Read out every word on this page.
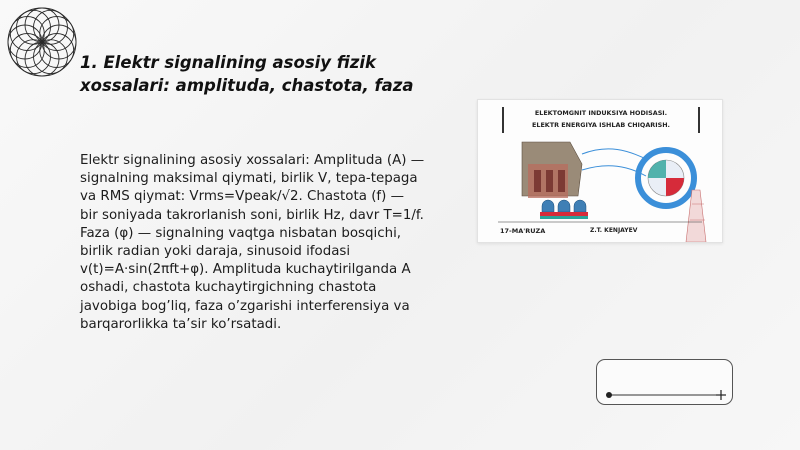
1. Elektr signalining asosiy fizik xossalari: amplituda, chastota, faza

Elektr signalining asosiy xossalari: Amplituda (A) — signalning maksimal qiymati, birlik V, tepa-tepaga va RMS qiymat: Vrms=Vpeak/√2. Chastota (f) — bir soniyada takrorlanish soni, birlik Hz, davr T=1/f. Faza (φ) — signalning vaqtga nisbatan bosqichi, birlik radian yoki daraja, sinusoid ifodasi v(t)=A·sin(2πft+φ). Amplituda kuchaytirilganda A oshadi, chastota kuchaytirgichning chastota javobiga bog’liq, faza o’zgarishi interferensiya va barqarorlikka ta’sir ko’rsatadi.

ELEKTOMGNIT INDUKSIYA HODISASI.
ELEKTR ENERGIYA ISHLAB CHIQARISH.
17-MA'RUZA	Z.T. KENJAYEV
